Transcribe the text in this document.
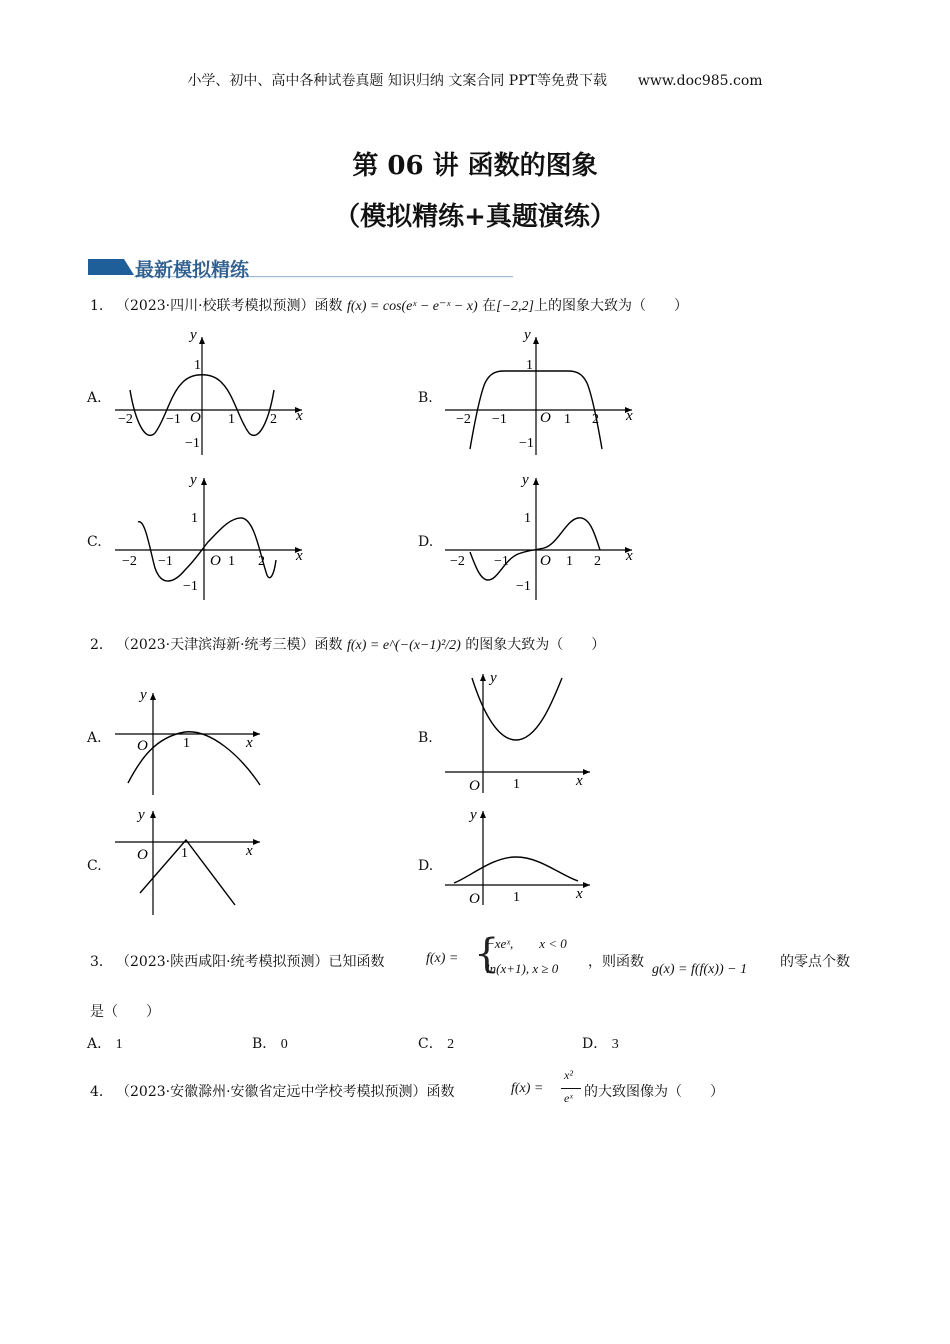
小学、初中、高中各种试卷真题 知识归纳 文案合同 PPT等免费下载 www.doc985.com
第 06 讲 函数的图象
（模拟精练+真题演练）
最新模拟精练
1． （2023·四川·校联考模拟预测）函数 f(x) = cos(eˣ − e⁻ˣ − x) 在[−2,2]上的图象大致为（　　）
A.	B.
C.	D.
y
x
O
1
−1
−2 −1	1	2
y
x
O
1
−1
−2 −1	1 2
y
x
O
1
−1
−2 −1	1 2
y
x
O
1
−1
−2 −1	1 2
2． （2023·天津滨海新·统考三模）函数 f(x) = e^(−(x−1)²/2) 的图象大致为（　　）
A.	B.
C.	D.
y
x
O	1
y
x
O 1
y
x
O 1
y
x
O 1
3． （2023·陕西咸阳·统考模拟预测）已知函数	f(x) = {
−xeˣ,        x < 0
ln(x+1), x ≥ 0 ，则函数 g(x) = f(f(x)) − 1 的零点个数
是（　　）
A． 1	B． 0	C． 2	D． 3
4． （2023·安徽滁州·安徽省定远中学校考模拟预测）函数	f(x) =
x²
eˣ 的大致图像为（　　）
